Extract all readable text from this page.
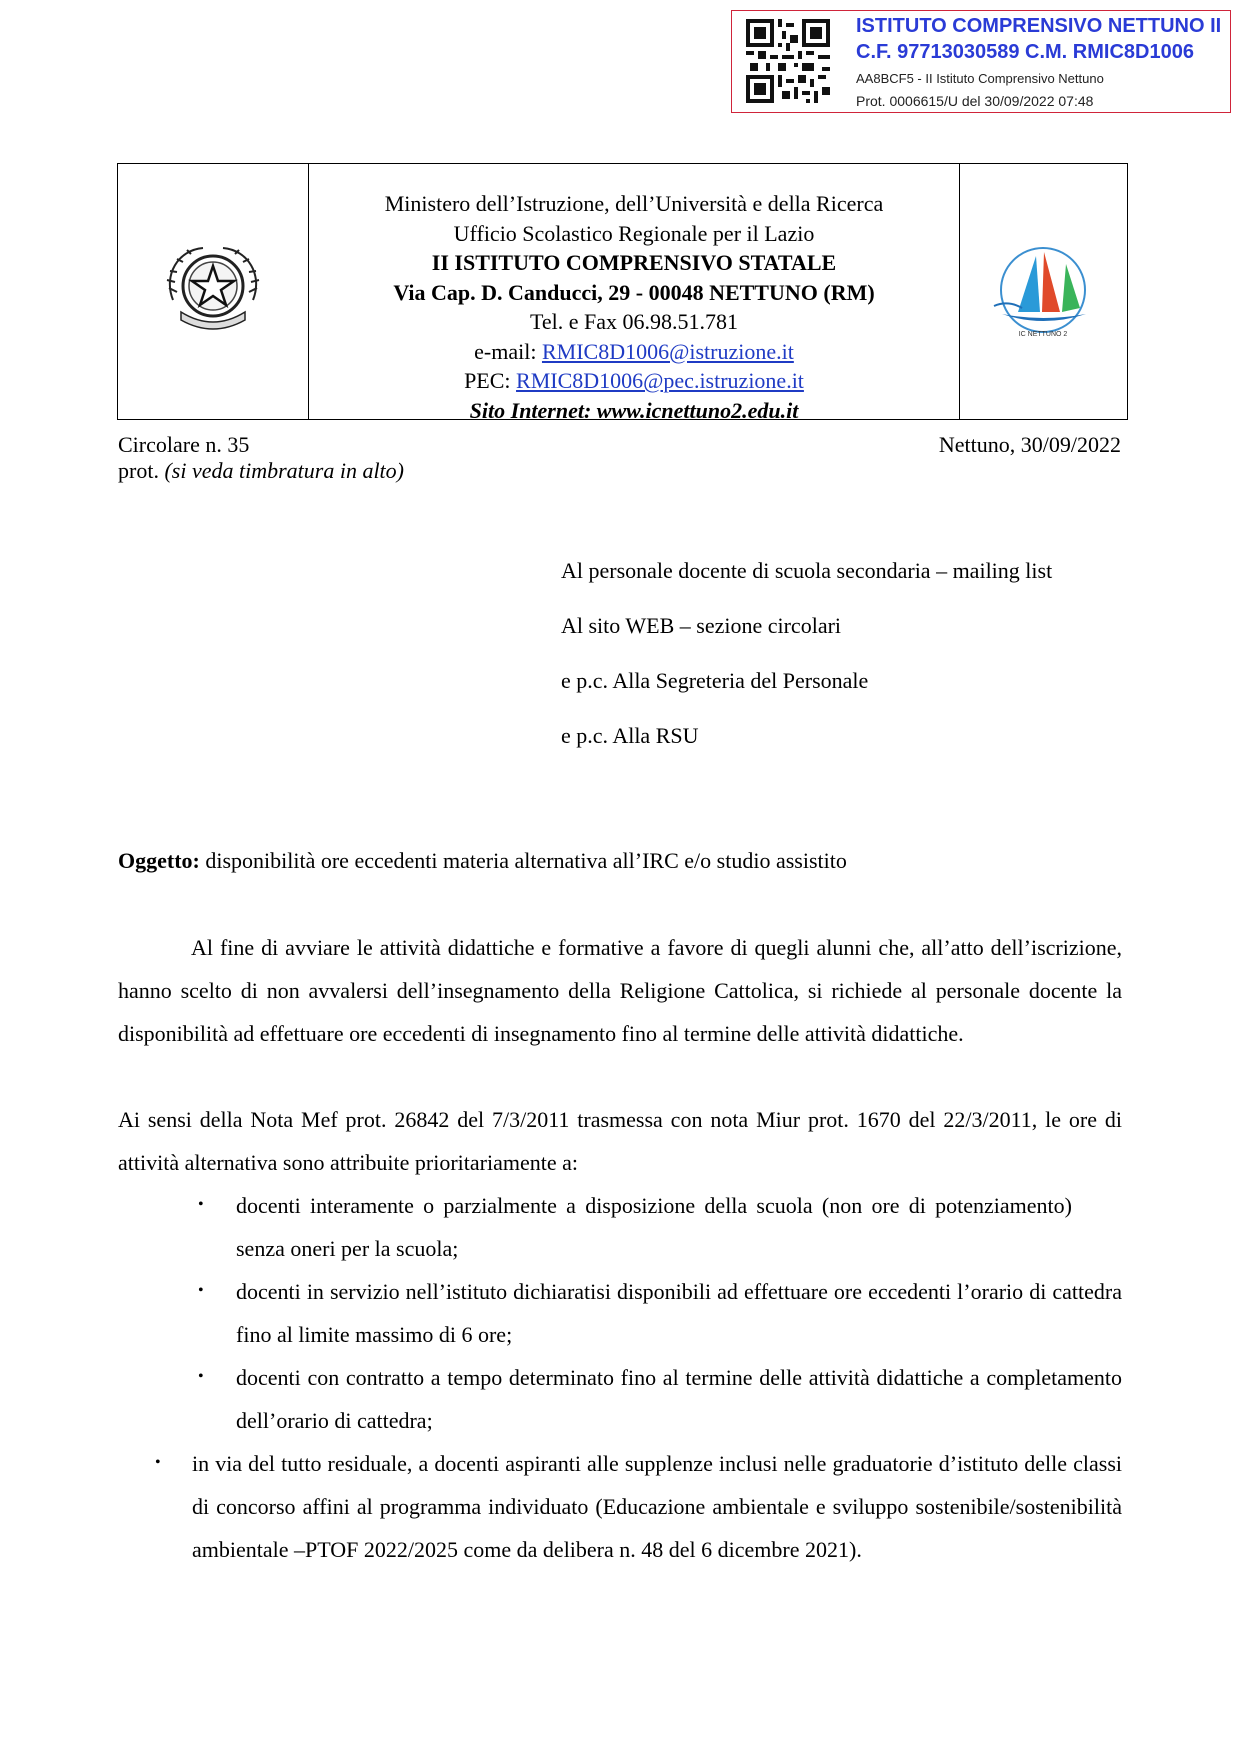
ISTITUTO COMPRENSIVO NETTUNO II
C.F. 97713030589 C.M. RMIC8D1006
AA8BCF5 - II Istituto Comprensivo Nettuno
Prot. 0006615/U del 30/09/2022 07:48
Ministero dell’Istruzione, dell’Università e della Ricerca
Ufficio Scolastico Regionale per il Lazio
II ISTITUTO COMPRENSIVO STATALE
Via Cap. D. Canducci, 29 - 00048 NETTUNO (RM)
Tel. e Fax 06.98.51.781
e-mail: RMIC8D1006@istruzione.it
PEC: RMIC8D1006@pec.istruzione.it
Sito Internet: www.icnettuno2.edu.it
IC NETTUNO 2
Circolare n. 35
prot. (si veda timbratura in alto)
Nettuno, 30/09/2022
Al personale docente di scuola secondaria – mailing list
Al sito WEB – sezione circolari
e p.c. Alla Segreteria del Personale
e p.c. Alla RSU
Oggetto: disponibilità ore eccedenti materia alternativa all’IRC e/o studio assistito
Al fine di avviare le attività didattiche e formative a favore di quegli alunni che, all’atto dell’iscrizione, hanno scelto di non avvalersi dell’insegnamento della Religione Cattolica, si richiede al personale docente la disponibilità ad effettuare ore eccedenti di insegnamento fino al termine delle attività didattiche.
Ai sensi della Nota Mef prot. 26842 del 7/3/2011 trasmessa con nota Miur prot. 1670 del 22/3/2011, le ore di attività alternativa sono attribuite prioritariamente a:
• docenti interamente o parzialmente a disposizione della scuola (non ore di potenziamento) senza oneri per la scuola;
• docenti in servizio nell’istituto dichiaratisi disponibili ad effettuare ore eccedenti l’orario di cattedra fino al limite massimo di 6 ore;
• docenti con contratto a tempo determinato fino al termine delle attività didattiche a completamento dell’orario di cattedra;
• in via del tutto residuale, a docenti aspiranti alle supplenze inclusi nelle graduatorie d’istituto delle classi di concorso affini al programma individuato (Educazione ambientale e sviluppo sostenibile/sostenibilità ambientale –PTOF 2022/2025 come da delibera n. 48 del 6 dicembre 2021).
